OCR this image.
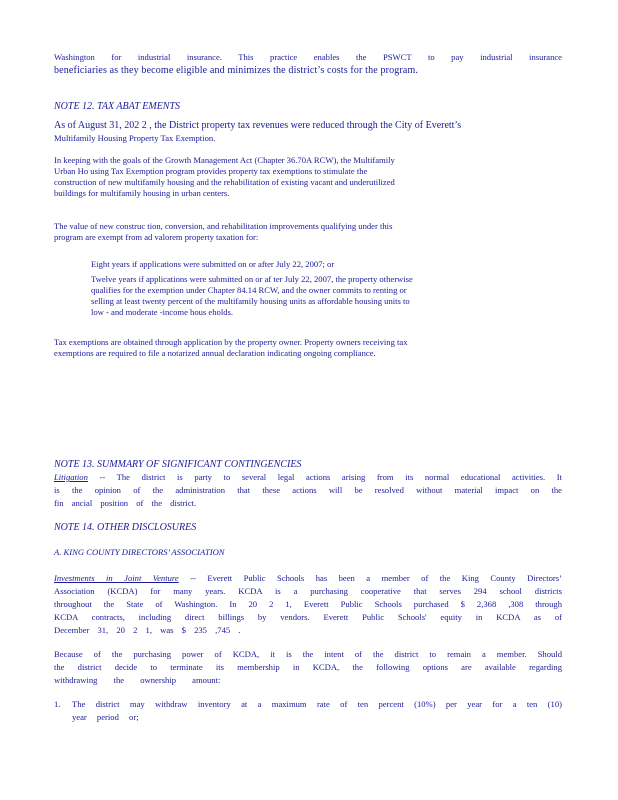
Washington for industrial insurance. This practice enables the PSWCT to pay industrial insurance
beneficiaries as they become eligible and minimizes the district’s costs for the program.
NOTE 12. TAX ABAT EMENTS
As of August 31, 202 2 , the District property tax revenues were reduced through the City of Everett’s
Multifamily Housing Property Tax Exemption.
In keeping with the goals of the Growth Management Act (Chapter 36.70A RCW), the Multifamily
Urban Ho using Tax Exemption program provides property tax exemptions to stimulate the
construction of new multifamily housing and the rehabilitation of existing vacant and underutilized
buildings for multifamily housing in urban centers.
The value of new construc tion, conversion, and rehabilitation improvements qualifying under this
program are exempt from ad valorem property taxation for:
Eight years if applications were submitted on or after July 22, 2007; or
Twelve years if applications were submitted on or af ter July 22, 2007, the property otherwise
qualifies for the exemption under Chapter 84.14 RCW, and the owner commits to renting or
selling at least twenty percent of the multifamily housing units as affordable housing units to
low - and moderate -income hous eholds.
Tax exemptions are obtained through application by the property owner. Property owners receiving tax
exemptions are required to file a notarized annual declaration indicating ongoing compliance.
NOTE 13. SUMMARY OF SIGNIFICANT CONTINGENCIES
Litigation -- The district is party to several legal actions arising from its normal educational activities. It
is the opinion of the administration that these actions will be resolved without material impact on the
fin ancial position of the district.
NOTE 14. OTHER DISCLOSURES
A. KING COUNTY DIRECTORS’ ASSOCIATION
Investments in Joint Venture -- Everett Public Schools has been a member of the King County Directors’
Association (KCDA) for many years. KCDA is a purchasing cooperative that serves 294 school districts
throughout the State of Washington. In 20 2 1, Everett Public Schools purchased $ 2,368 ,308 through
KCDA contracts, including direct billings by vendors. Everett Public Schools' equity in KCDA as of
December 31, 20 2 1, was $ 235 ,745 .
Because of the purchasing power of KCDA, it is the intent of the district to remain a member. Should
the district decide to terminate its membership in KCDA, the following options are available regarding
withdrawing the ownership amount:
1. The district may withdraw inventory at a maximum rate of ten percent (10%) per year for a ten (10)
year period or;
